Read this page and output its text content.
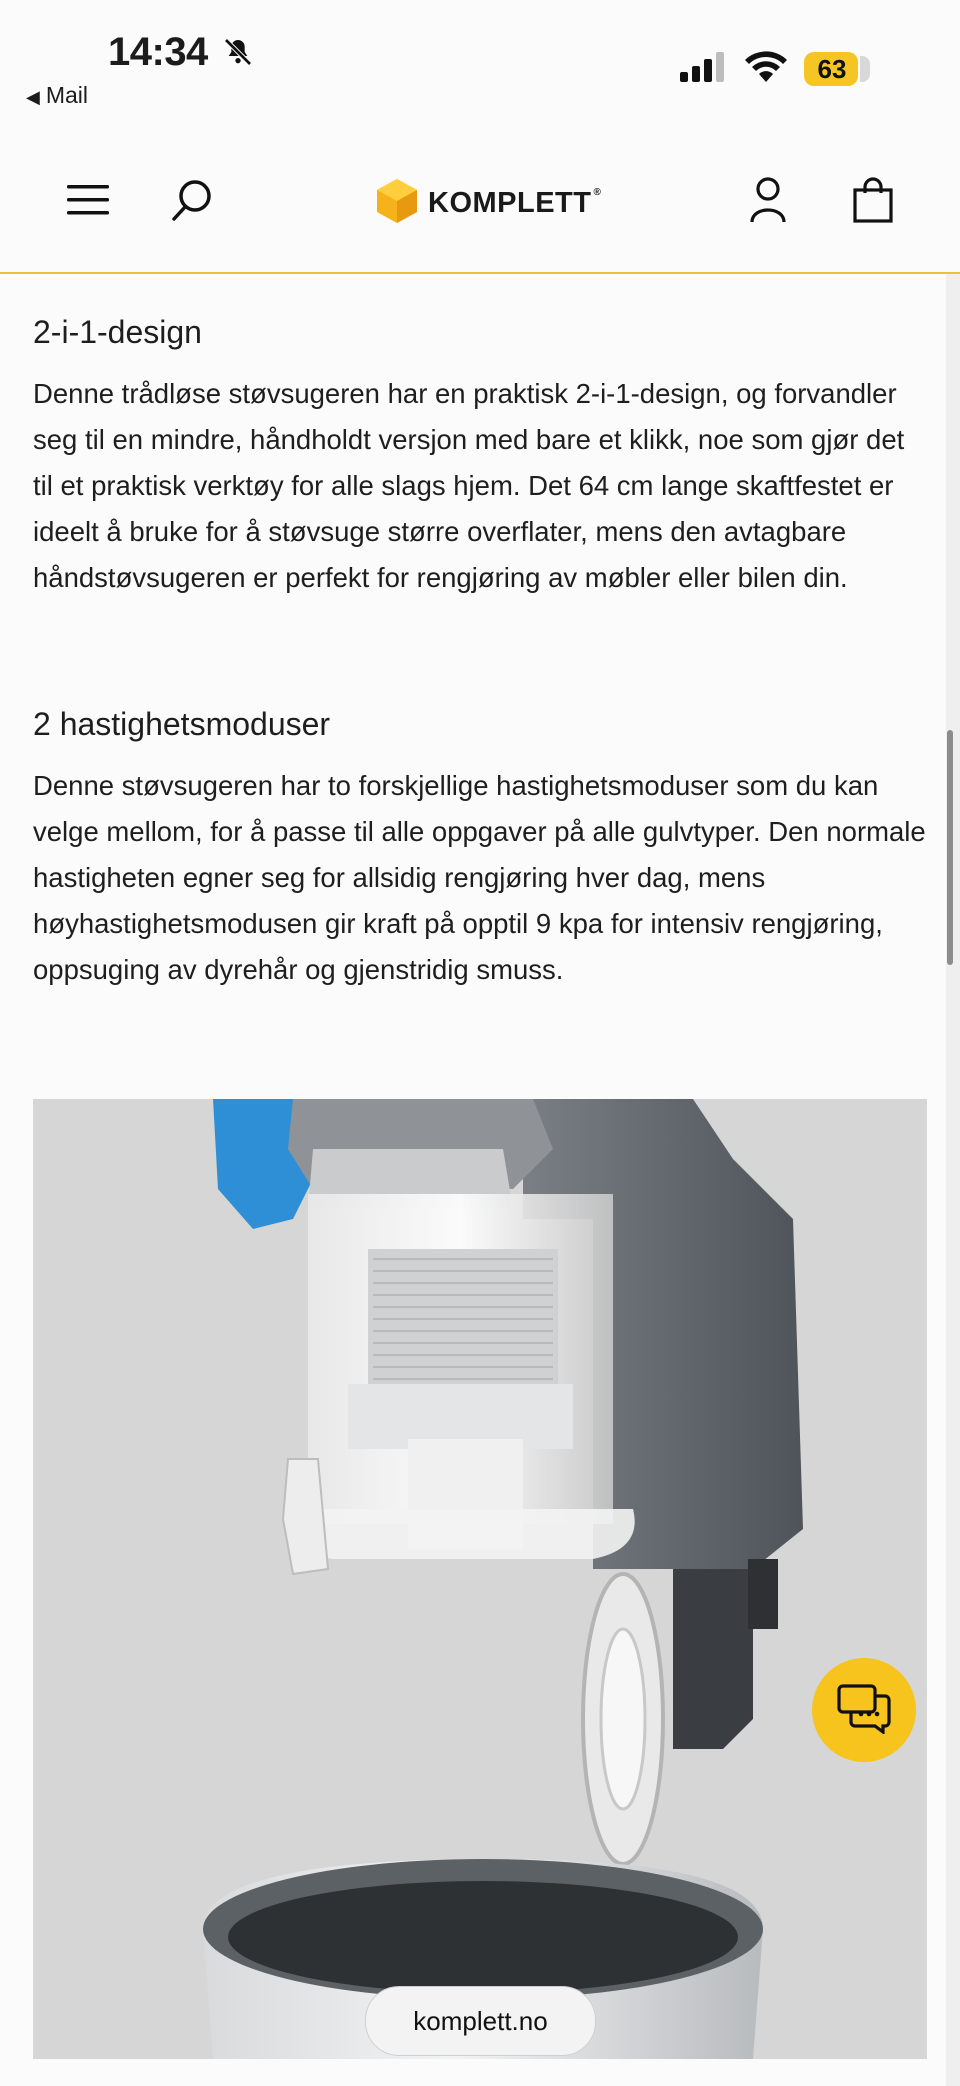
14:34
◀ Mail
63
KOMPLETT ®
2-i-1-design

Denne trådløse støvsugeren har en praktisk 2-i-1-design, og forvandler seg til en mindre, håndholdt versjon med bare et klikk, noe som gjør det til et praktisk verktøy for alle slags hjem. Det 64 cm lange skaftfestet er ideelt å bruke for å støvsuge større overflater, mens den avtagbare håndstøvsugeren er perfekt for rengjøring av møbler eller bilen din.

2 hastighetsmoduser

Denne støvsugeren har to forskjellige hastighetsmoduser som du kan velge mellom, for å passe til alle oppgaver på alle gulvtyper. Den normale hastigheten egner seg for allsidig rengjøring hver dag, mens høyhastighetsmodusen gir kraft på opptil 9 kpa for intensiv rengjøring, oppsuging av dyrehår og gjenstridig smuss.

komplett.no
